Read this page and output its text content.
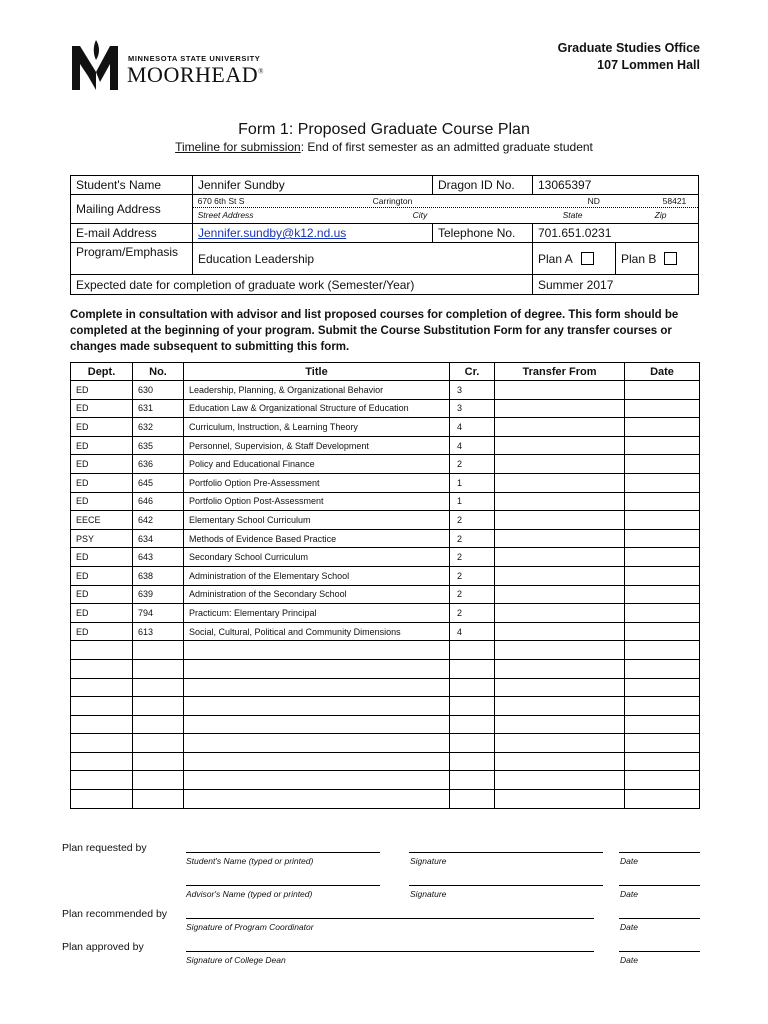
MINNESOTA STATE UNIVERSITY
MOORHEAD®
Graduate Studies Office
107 Lommen Hall
Form 1: Proposed Graduate Course Plan
Timeline for submission: End of first semester as an admitted graduate student
Student's Name	Jennifer Sundby	Dragon ID No.	13065397
Mailing Address
670 6th St S	Carrington	ND	58421
Street Address	City	State	Zip
E-mail Address	Jennifer.sundby@k12.nd.us	Telephone No.	701.651.0231
Program/Emphasis	Education Leadership	Plan A	Plan B
Expected date for completion of graduate work (Semester/Year)	Summer 2017
Complete in consultation with advisor and list proposed courses for completion of degree. This form should be completed at the beginning of your program. Submit the Course Substitution Form for any transfer courses or changes made subsequent to submitting this form.
Dept.	No.	Title	Cr.	Transfer From	Date
ED	630	Leadership, Planning, & Organizational Behavior	3		
ED	631	Education Law & Organizational Structure of Education	3		
ED	632	Curriculum, Instruction, & Learning Theory	4		
ED	635	Personnel, Supervision, & Staff Development	4		
ED	636	Policy and Educational Finance	2		
ED	645	Portfolio Option Pre-Assessment	1		
ED	646	Portfolio Option Post-Assessment	1		
EECE	642	Elementary School Curriculum	2		
PSY	634	Methods of Evidence Based Practice	2		
ED	643	Secondary School Curriculum	2		
ED	638	Administration of the Elementary School	2		
ED	639	Administration of the Secondary School	2		
ED	794	Practicum: Elementary Principal	2		
ED	613	Social, Cultural, Political and Community Dimensions	4		

Plan requested by
Student's Name (typed or printed)	Signature	Date
Advisor's Name (typed or printed)	Signature	Date
Plan recommended by
Signature of Program Coordinator	Date
Plan approved by
Signature of College Dean	Date
